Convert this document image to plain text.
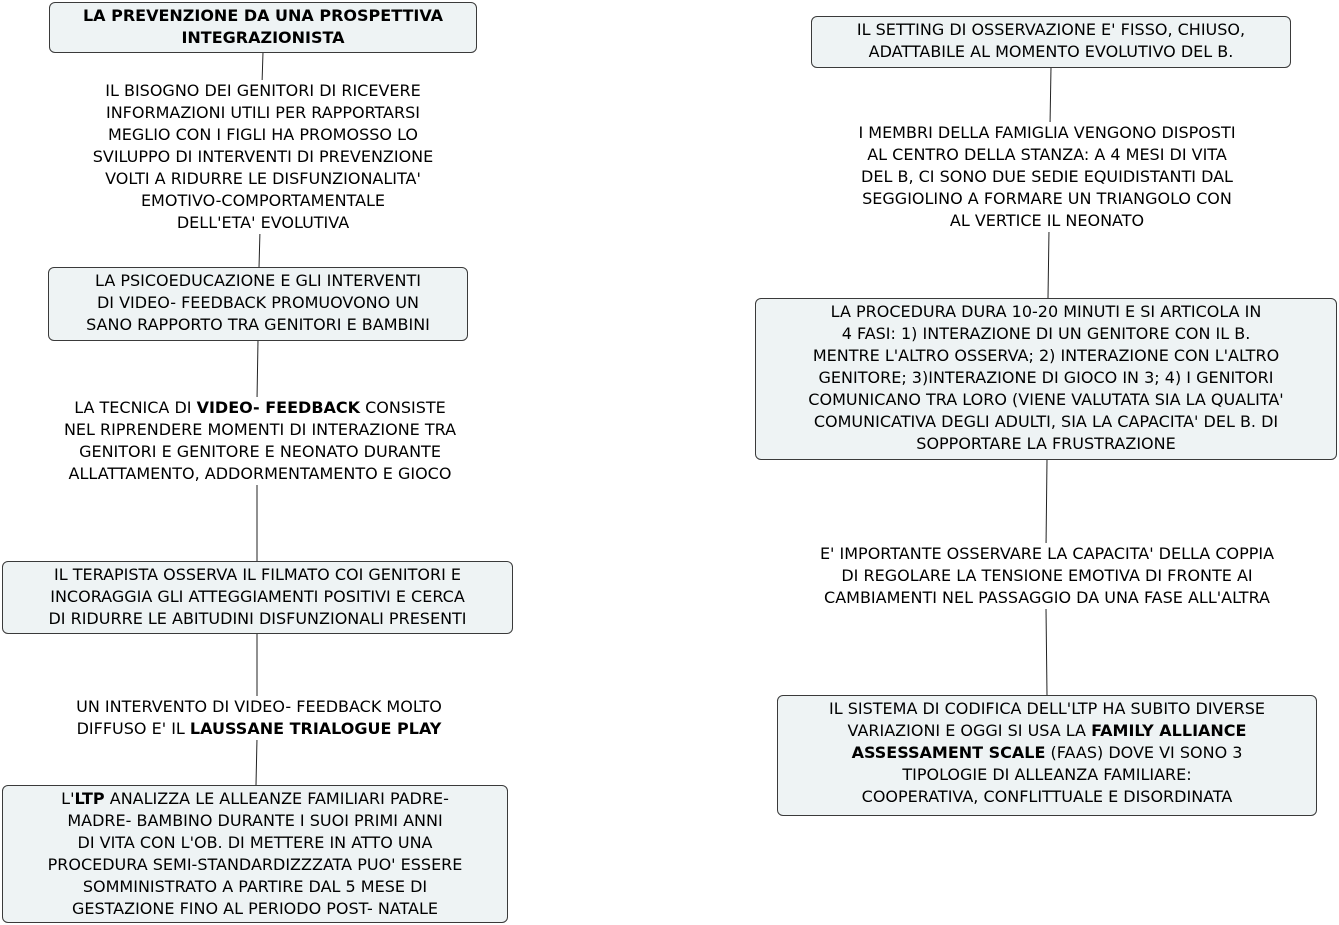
LA PREVENZIONE DA UNA PROSPETTIVA
INTEGRAZIONISTA
IL BISOGNO DEI GENITORI DI RICEVERE
INFORMAZIONI UTILI PER RAPPORTARSI
MEGLIO CON I FIGLI HA PROMOSSO LO
SVILUPPO DI INTERVENTI DI PREVENZIONE
VOLTI A RIDURRE LE DISFUNZIONALITA'
EMOTIVO-COMPORTAMENTALE
DELL'ETA' EVOLUTIVA
LA PSICOEDUCAZIONE E GLI INTERVENTI
DI VIDEO- FEEDBACK PROMUOVONO UN
SANO RAPPORTO TRA GENITORI E BAMBINI
LA TECNICA DI VIDEO- FEEDBACK CONSISTE
NEL RIPRENDERE MOMENTI DI INTERAZIONE TRA
GENITORI E GENITORE E NEONATO DURANTE
ALLATTAMENTO, ADDORMENTAMENTO E GIOCO
IL TERAPISTA OSSERVA IL FILMATO COI GENITORI E
INCORAGGIA GLI ATTEGGIAMENTI POSITIVI E CERCA
DI RIDURRE LE ABITUDINI DISFUNZIONALI PRESENTI
UN INTERVENTO DI VIDEO- FEEDBACK MOLTO
DIFFUSO E' IL LAUSSANE TRIALOGUE PLAY
L'LTP ANALIZZA LE ALLEANZE FAMILIARI PADRE-
MADRE- BAMBINO DURANTE I SUOI PRIMI ANNI
DI VITA CON L'OB. DI METTERE IN ATTO UNA
PROCEDURA SEMI-STANDARDIZZZATA PUO' ESSERE
SOMMINISTRATO A PARTIRE DAL 5 MESE DI
GESTAZIONE FINO AL PERIODO POST- NATALE
IL SETTING DI OSSERVAZIONE E' FISSO, CHIUSO,
ADATTABILE AL MOMENTO EVOLUTIVO DEL B.
I MEMBRI DELLA FAMIGLIA VENGONO DISPOSTI
AL CENTRO DELLA STANZA: A 4 MESI DI VITA
DEL B, CI SONO DUE SEDIE EQUIDISTANTI DAL
SEGGIOLINO A FORMARE UN TRIANGOLO CON
AL VERTICE IL NEONATO
LA PROCEDURA DURA 10-20 MINUTI E SI ARTICOLA IN
4 FASI: 1) INTERAZIONE DI UN GENITORE CON IL B.
MENTRE L'ALTRO OSSERVA; 2) INTERAZIONE CON L'ALTRO
GENITORE; 3)INTERAZIONE DI GIOCO IN 3; 4) I GENITORI
COMUNICANO TRA LORO (VIENE VALUTATA SIA LA QUALITA'
COMUNICATIVA DEGLI ADULTI, SIA LA CAPACITA' DEL B. DI
SOPPORTARE LA FRUSTRAZIONE
E' IMPORTANTE OSSERVARE LA CAPACITA' DELLA COPPIA
DI REGOLARE LA TENSIONE EMOTIVA DI FRONTE AI
CAMBIAMENTI NEL PASSAGGIO DA UNA FASE ALL'ALTRA
IL SISTEMA DI CODIFICA DELL'LTP HA SUBITO DIVERSE
VARIAZIONI E OGGI SI USA LA FAMILY ALLIANCE
ASSESSAMENT SCALE (FAAS) DOVE VI SONO 3
TIPOLOGIE DI ALLEANZA FAMILIARE:
COOPERATIVA, CONFLITTUALE E DISORDINATA
